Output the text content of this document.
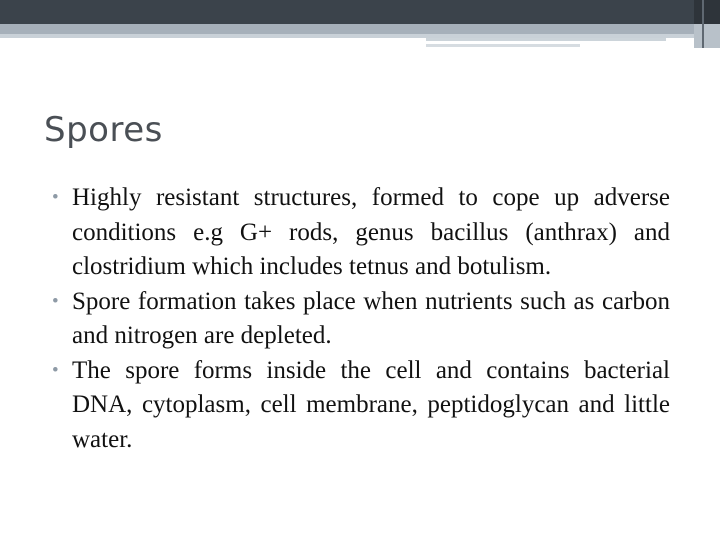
Spores
• Highly resistant structures, formed to cope up adverse conditions e.g G+ rods, genus bacillus (anthrax) and clostridium which includes tetnus and botulism.
• Spore formation takes place when nutrients such as carbon and nitrogen are depleted.
• The spore forms inside the cell and contains bacterial DNA, cytoplasm, cell membrane, peptidoglycan and little water.
